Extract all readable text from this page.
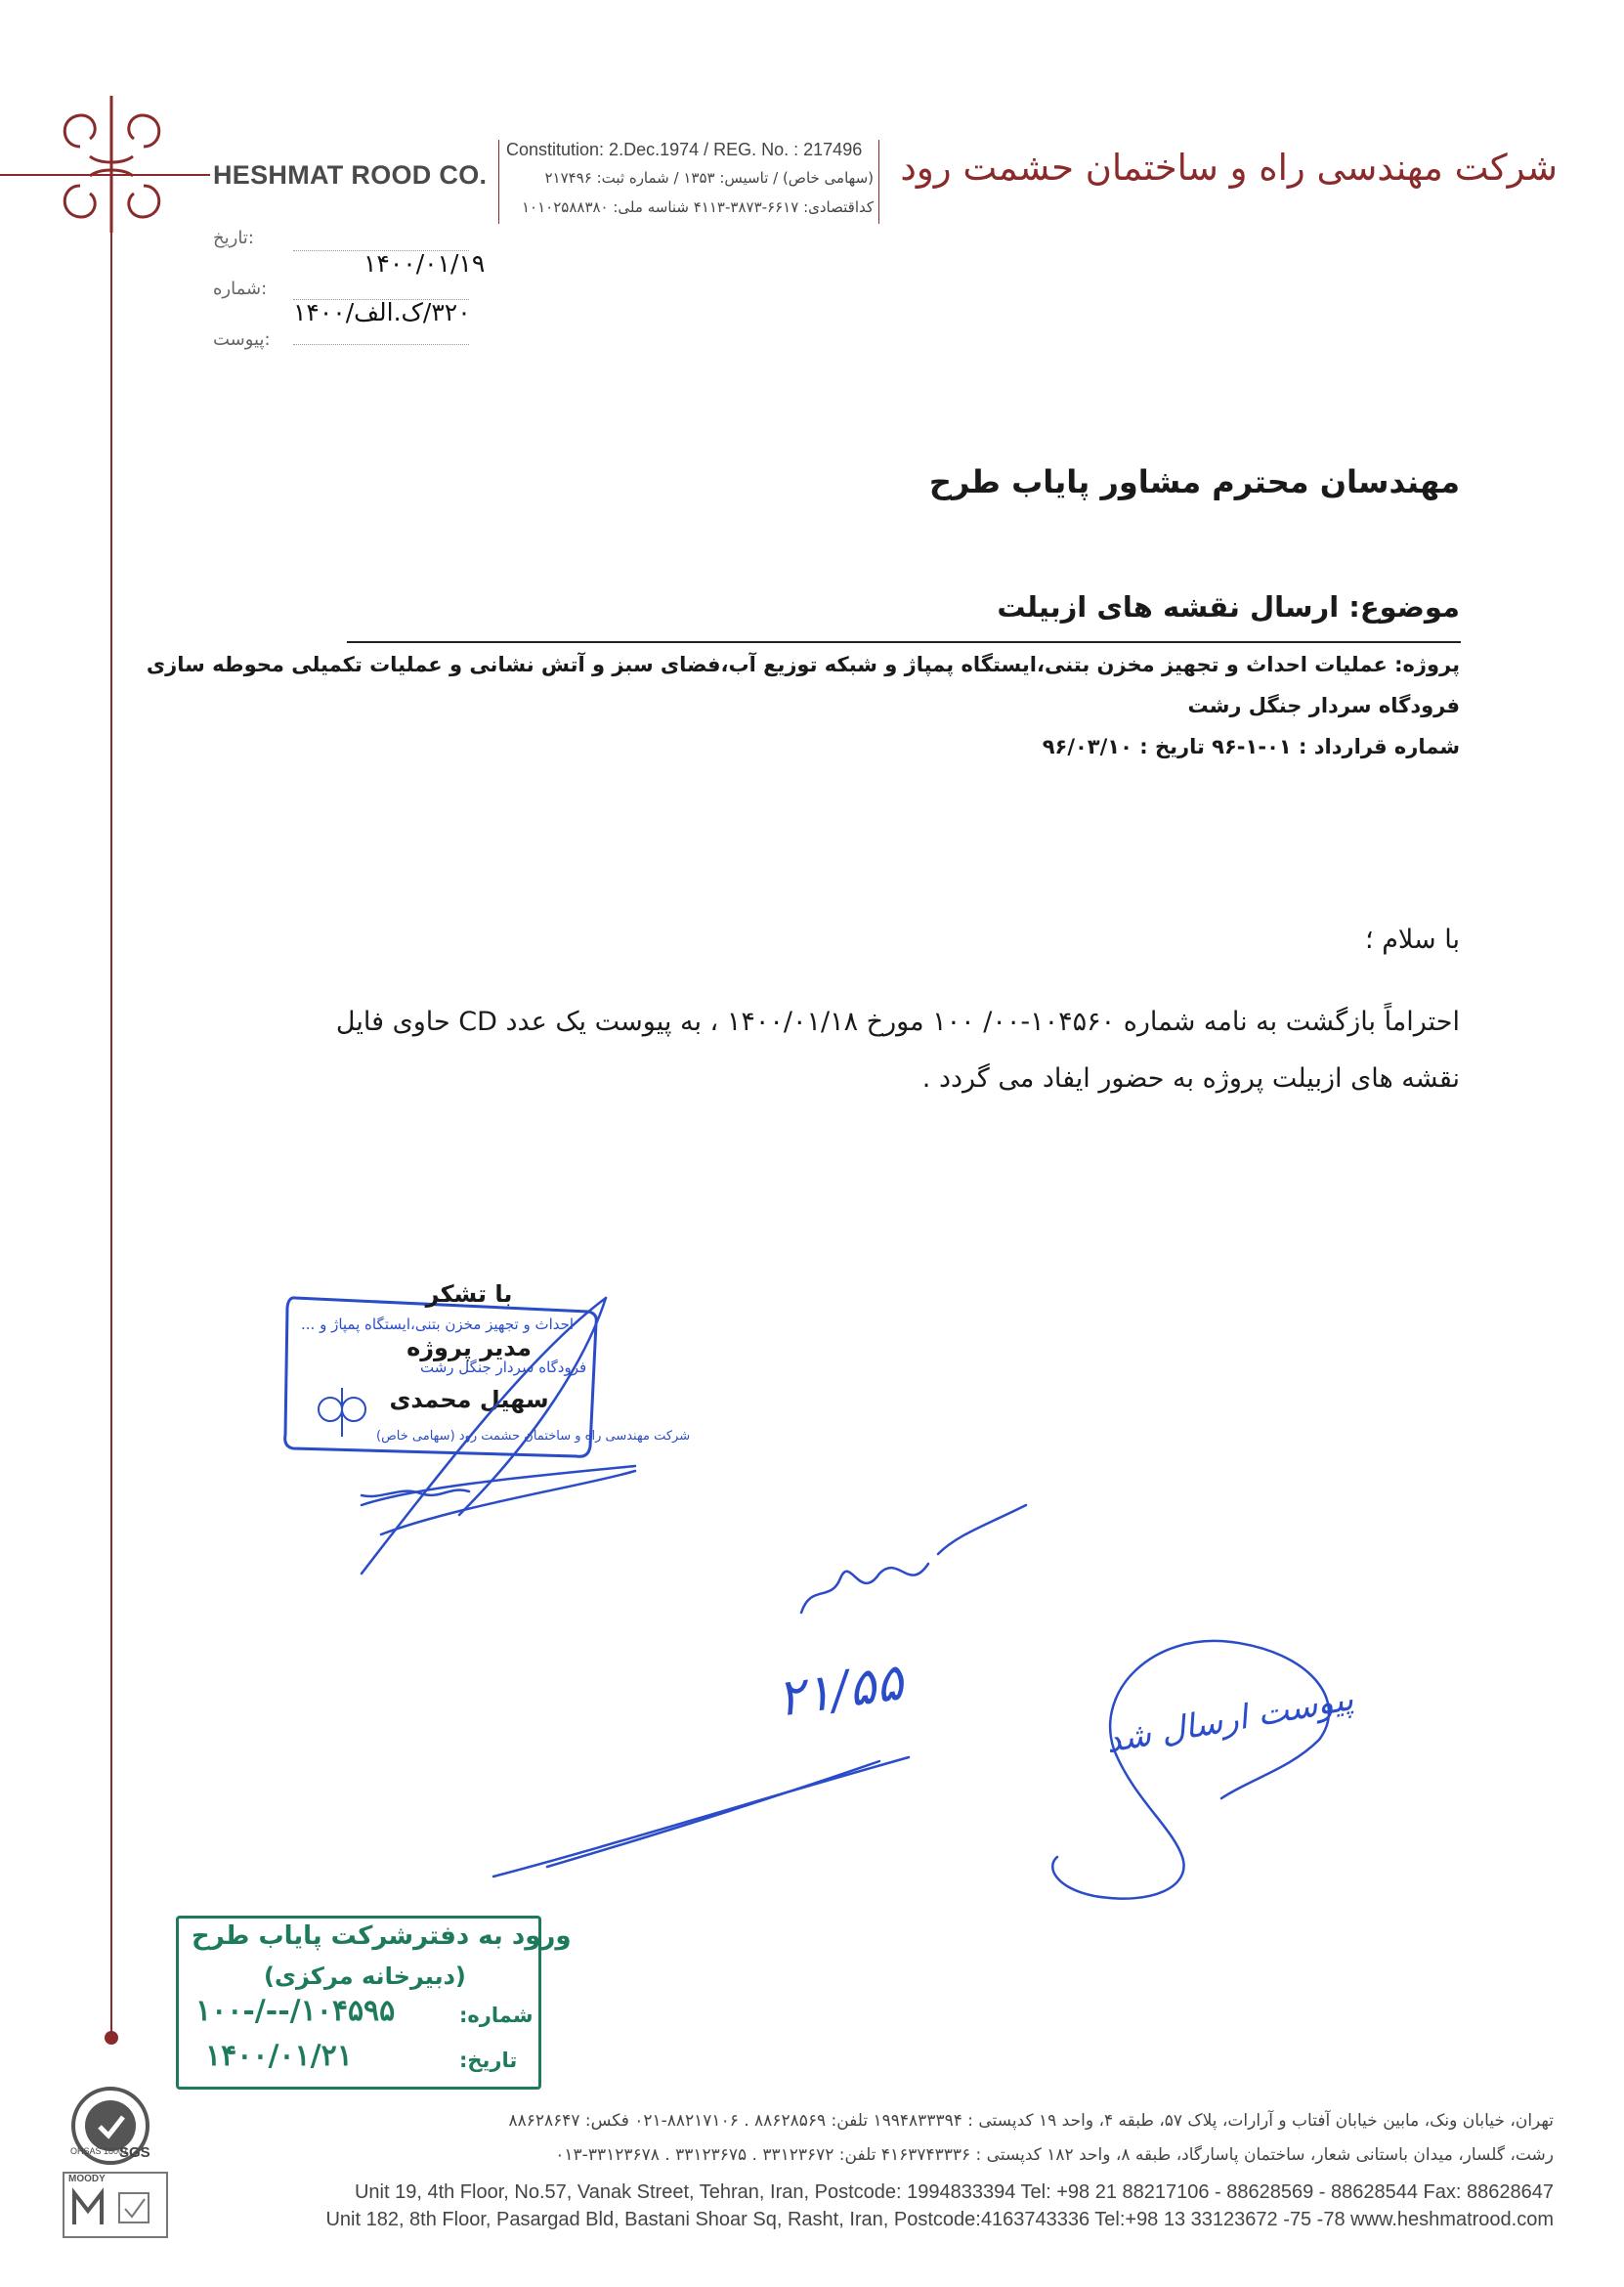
HESHMAT ROOD CO.
Constitution: 2.Dec.1974 / REG. No. : 217496
(سهامی خاص) / تاسیس: ۱۳۵۳ / شماره ثبت: ۲۱۷۴۹۶
کداقتصادی: ۶۶۱۷-۳۸۷۳-۴۱۱۳ شناسه ملی: ۱۰۱۰۲۵۸۸۳۸۰
شرکت مهندسی راه و ساختمان حشمت رود
:تاریخ
۱۴۰۰/۰۱/۱۹
:شماره
۳۲۰/ک.الف/۱۴۰۰
:پیوست
مهندسان محترم مشاور پایاب طرح
موضوع: ارسال نقشه های ازبیلت
پروژه: عملیات احداث و تجهیز مخزن بتنی،ایستگاه پمپاژ و شبکه توزیع آب،فضای سبز و آتش نشانی و عملیات تکمیلی محوطه سازی
فرودگاه سردار جنگل رشت
شماره قرارداد : ۰۱-۱-۹۶ تاریخ : ۹۶/۰۳/۱۰
با سلام ؛
احتراماً بازگشت به نامه شماره ۱۰۴۵۶۰-۰۰/ ۱۰۰ مورخ ۱۴۰۰/۰۱/۱۸ ، به پیوست یک عدد CD حاوی فایل
نقشه های ازبیلت پروژه به حضور ایفاد می گردد .
احداث و تجهیز مخزن بتنی،ایستگاه پمپاژ و ...
فرودگاه سردار جنگل رشت
شرکت مهندسی راه و ساختمان حشمت رود (سهامی خاص)
با تشکر
مدیر پروژه
سهیل محمدی
۲۱/۵۵	پیوست ارسال شد
ورود به دفترشرکت پایاب طرح
(دبیرخانه مرکزی)
شماره:
۱۰۰-/--/۱۰۴۵۹۵
تاریخ:
۱۴۰۰/۰۱/۲۱
SGS
OHSAS 18001
MOODY
تهران، خیابان ونک، مابین خیابان آفتاب و آرارات، پلاک ۵۷، طبقه ۴، واحد ۱۹ کدپستی : ۱۹۹۴۸۳۳۳۹۴ تلفن: ۸۸۶۲۸۵۶۹ . ۸۸۲۱۷۱۰۶-۰۲۱ فکس: ۸۸۶۲۸۶۴۷
رشت، گلسار، میدان باستانی شعار، ساختمان پاسارگاد، طبقه ۸، واحد ۱۸۲ کدپستی : ۴۱۶۳۷۴۳۳۳۶ تلفن: ۳۳۱۲۳۶۷۲ . ۳۳۱۲۳۶۷۵ . ۳۳۱۲۳۶۷۸-۰۱۳
Unit 19, 4th Floor, No.57, Vanak Street, Tehran, Iran, Postcode: 1994833394 Tel: +98 21 88217106 - 88628569 - 88628544 Fax: 88628647
Unit 182, 8th Floor, Pasargad Bld, Bastani Shoar Sq, Rasht, Iran, Postcode:4163743336 Tel:+98 13 33123672 -75 -78 www.heshmatrood.com
